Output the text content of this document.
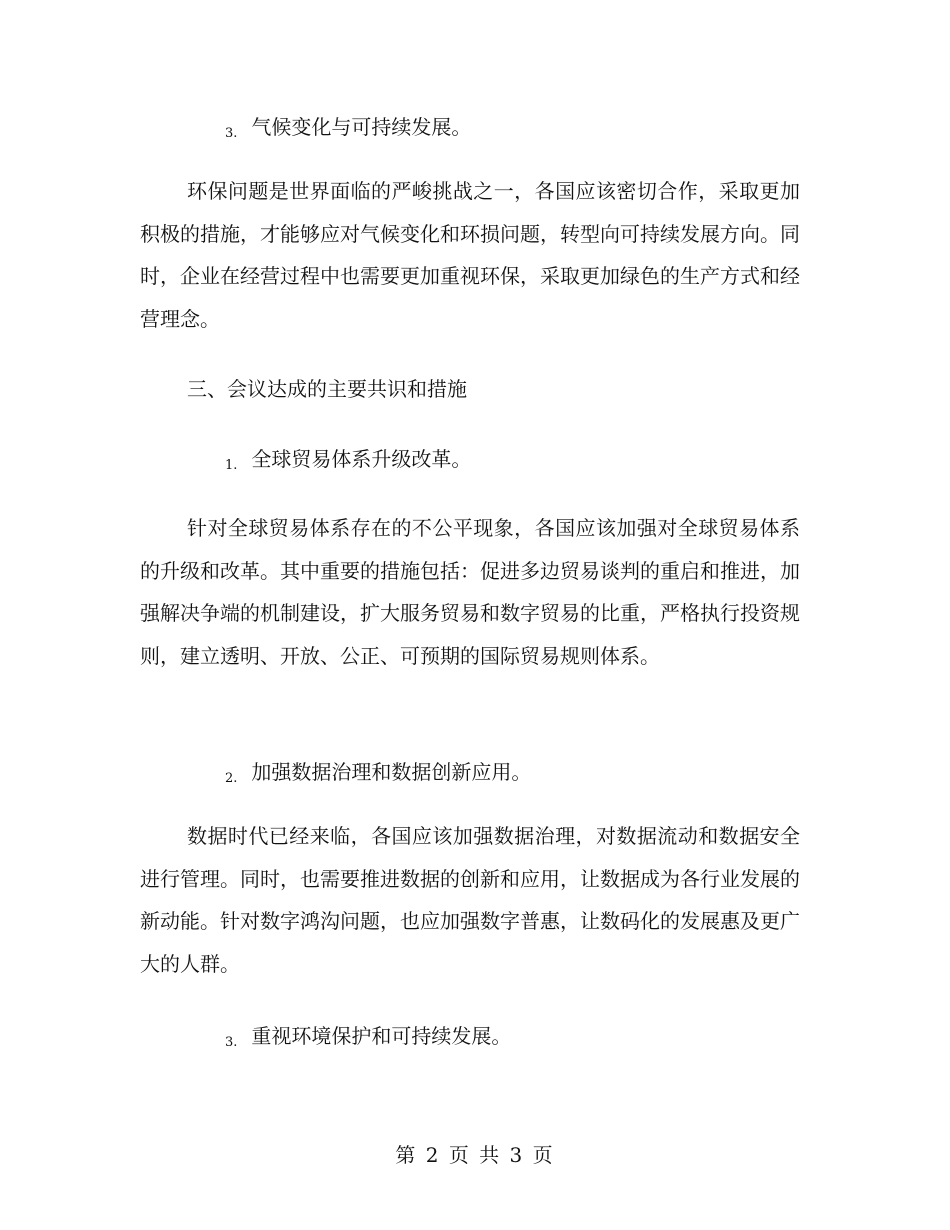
3. 气候变化与可持续发展。

环保问题是世界面临的严峻挑战之一，各国应该密切合作，采取更加积极的措施，才能够应对气候变化和环损问题，转型向可持续发展方向。同时，企业在经营过程中也需要更加重视环保，采取更加绿色的生产方式和经营理念。

三、会议达成的主要共识和措施
1. 全球贸易体系升级改革。

针对全球贸易体系存在的不公平现象，各国应该加强对全球贸易体系的升级和改革。其中重要的措施包括：促进多边贸易谈判的重启和推进，加强解决争端的机制建设，扩大服务贸易和数字贸易的比重，严格执行投资规则，建立透明、开放、公正、可预期的国际贸易规则体系。

2. 加强数据治理和数据创新应用。

数据时代已经来临，各国应该加强数据治理，对数据流动和数据安全进行管理。同时，也需要推进数据的创新和应用，让数据成为各行业发展的新动能。针对数字鸿沟问题，也应加强数字普惠，让数码化的发展惠及更广大的人群。

3. 重视环境保护和可持续发展。
第 2 页 共 3 页
